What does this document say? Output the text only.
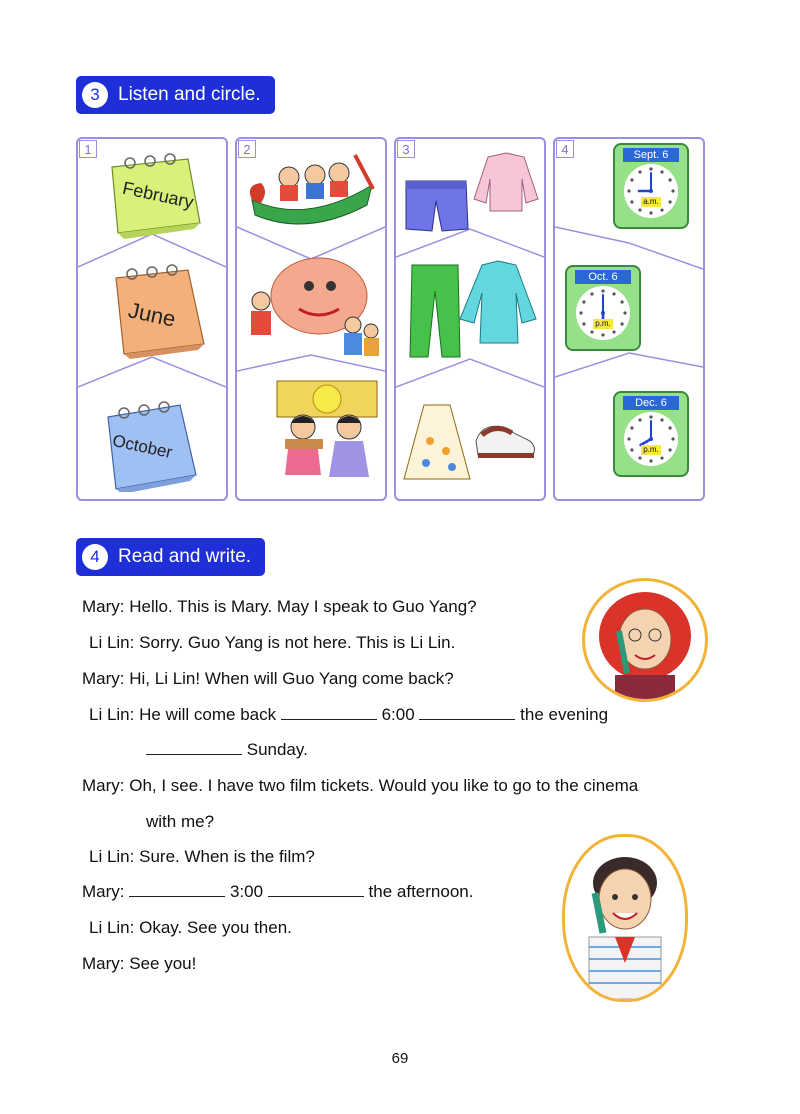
3 Listen and circle.
1
February
June
October
2	3	4	Sept. 6
a.m.
Oct. 6
p.m.
Dec. 6
p.m.
4 Read and write.
Mary: Hello. This is Mary. May I speak to Guo Yang?
Li Lin: Sorry. Guo Yang is not here. This is Li Lin.
Mary: Hi, Li Lin! When will Guo Yang come back?
Li Lin: He will come back	6:00	the evening
Sunday.
Mary: Oh, I see. I have two film tickets. Would you like to go to the cinema
with me?
Li Lin: Sure. When is the film?
Mary:	3:00	the afternoon.
Li Lin: Okay. See you then.
Mary: See you!
69
